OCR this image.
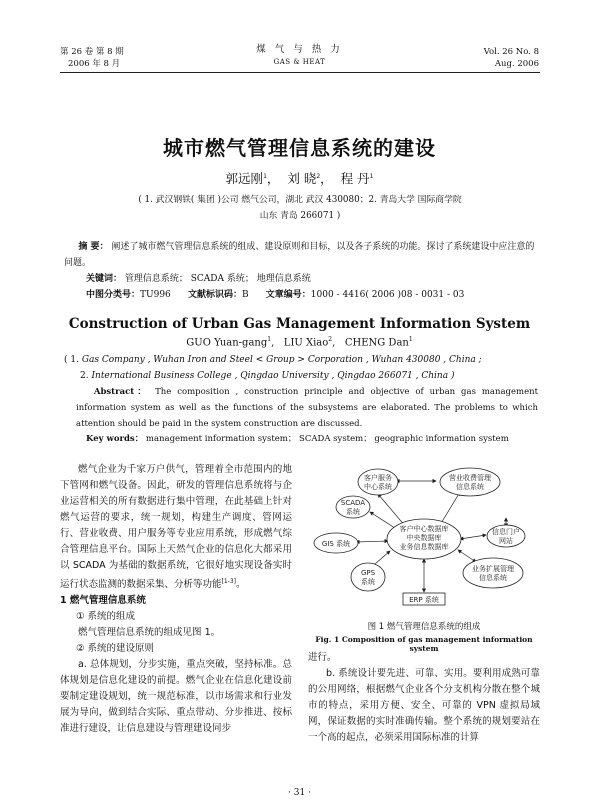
第 26 卷 第 8 期
2006 年 8 月
煤 气 与 热 力
GAS & HEAT
Vol. 26 No. 8
Aug. 2006
城市燃气管理信息系统的建设
郭远刚$^1$， 刘 晓$^2$， 程 丹$^1$
( 1. 武汉钢铁( 集团 )公司 燃气公司，湖北 武汉 430080；2. 青岛大学 国际商学院
山东 青岛 266071 )
摘 要： 阐述了城市燃气管理信息系统的组成、建设原则和目标，以及各子系统的功能。探讨了系统建设中应注意的问题。
关键词： 管理信息系统； SCADA 系统； 地理信息系统
中图分类号：TU996 文献标识码：B 文章编号：1000 - 4416( 2006 )08 - 0031 - 03
Construction of Urban Gas Management Information System
GUO Yuan-gang$^1$,   LIU Xiao$^2$,   CHENG Dan$^1$
( 1. Gas Company , Wuhan Iron and Steel < Group > Corporation , Wuhan 430080 , China ;
2. International Business College , Qingdao University , Qingdao 266071 , China )
Abstract： The composition , construction principle and objective of urban gas management information system as well as the functions of the subsystems are elaborated. The problems to which attention should be paid in the system construction are discussed.
Key words： management information system； SCADA system； geographic information system

燃气企业为千家万户供气，管理着全市范围内的地下管网和燃气设备。因此，研发的管理信息系统将与企业运营相关的所有数据进行集中管理，在此基础上针对燃气运营的要求，统一规划，构建生产调度、管网运行、营业收费、用户服务等专业应用系统，形成燃气综合管理信息平台。国际上天然气企业的信息化大都采用以 SCADA 为基础的数据系统，它很好地实现设备实时运行状态监测的数据采集、分析等功能[1-3]。

1 燃气管理信息系统

① 系统的组成

燃气管理信息系统的组成见图 1。

② 系统的建设原则

a. 总体规划，分步实施，重点突破，坚持标准。总体规划是信息化建设的前提。燃气企业在信息化建设前要制定建设规划，统一规范标准，以市场需求和行业发展为导向，做到结合实际、重点带动、分步推进、按标准进行建设，让信息建设与管理建设同步

客户服务
中心系统
营业收费管理
信息系统
SCADA
系统
客户中心数据库
中央数据库
业务信息数据库
信息门户
网站
GIS 系统
GPS
系统
业务扩展管理
信息系统
ERP 系统
图 1 燃气管理信息系统的组成
Fig. 1 Composition of gas management information system

进行。

b. 系统设计要先进、可靠、实用。要利用成熟可靠的公用网络，根据燃气企业各个分支机构分散在整个城市的特点，采用方便、安全、可靠的 VPN 虚拟局域网，保证数据的实时准确传输。整个系统的规划要站在一个高的起点，必须采用国际标准的计算

· 31 ·
